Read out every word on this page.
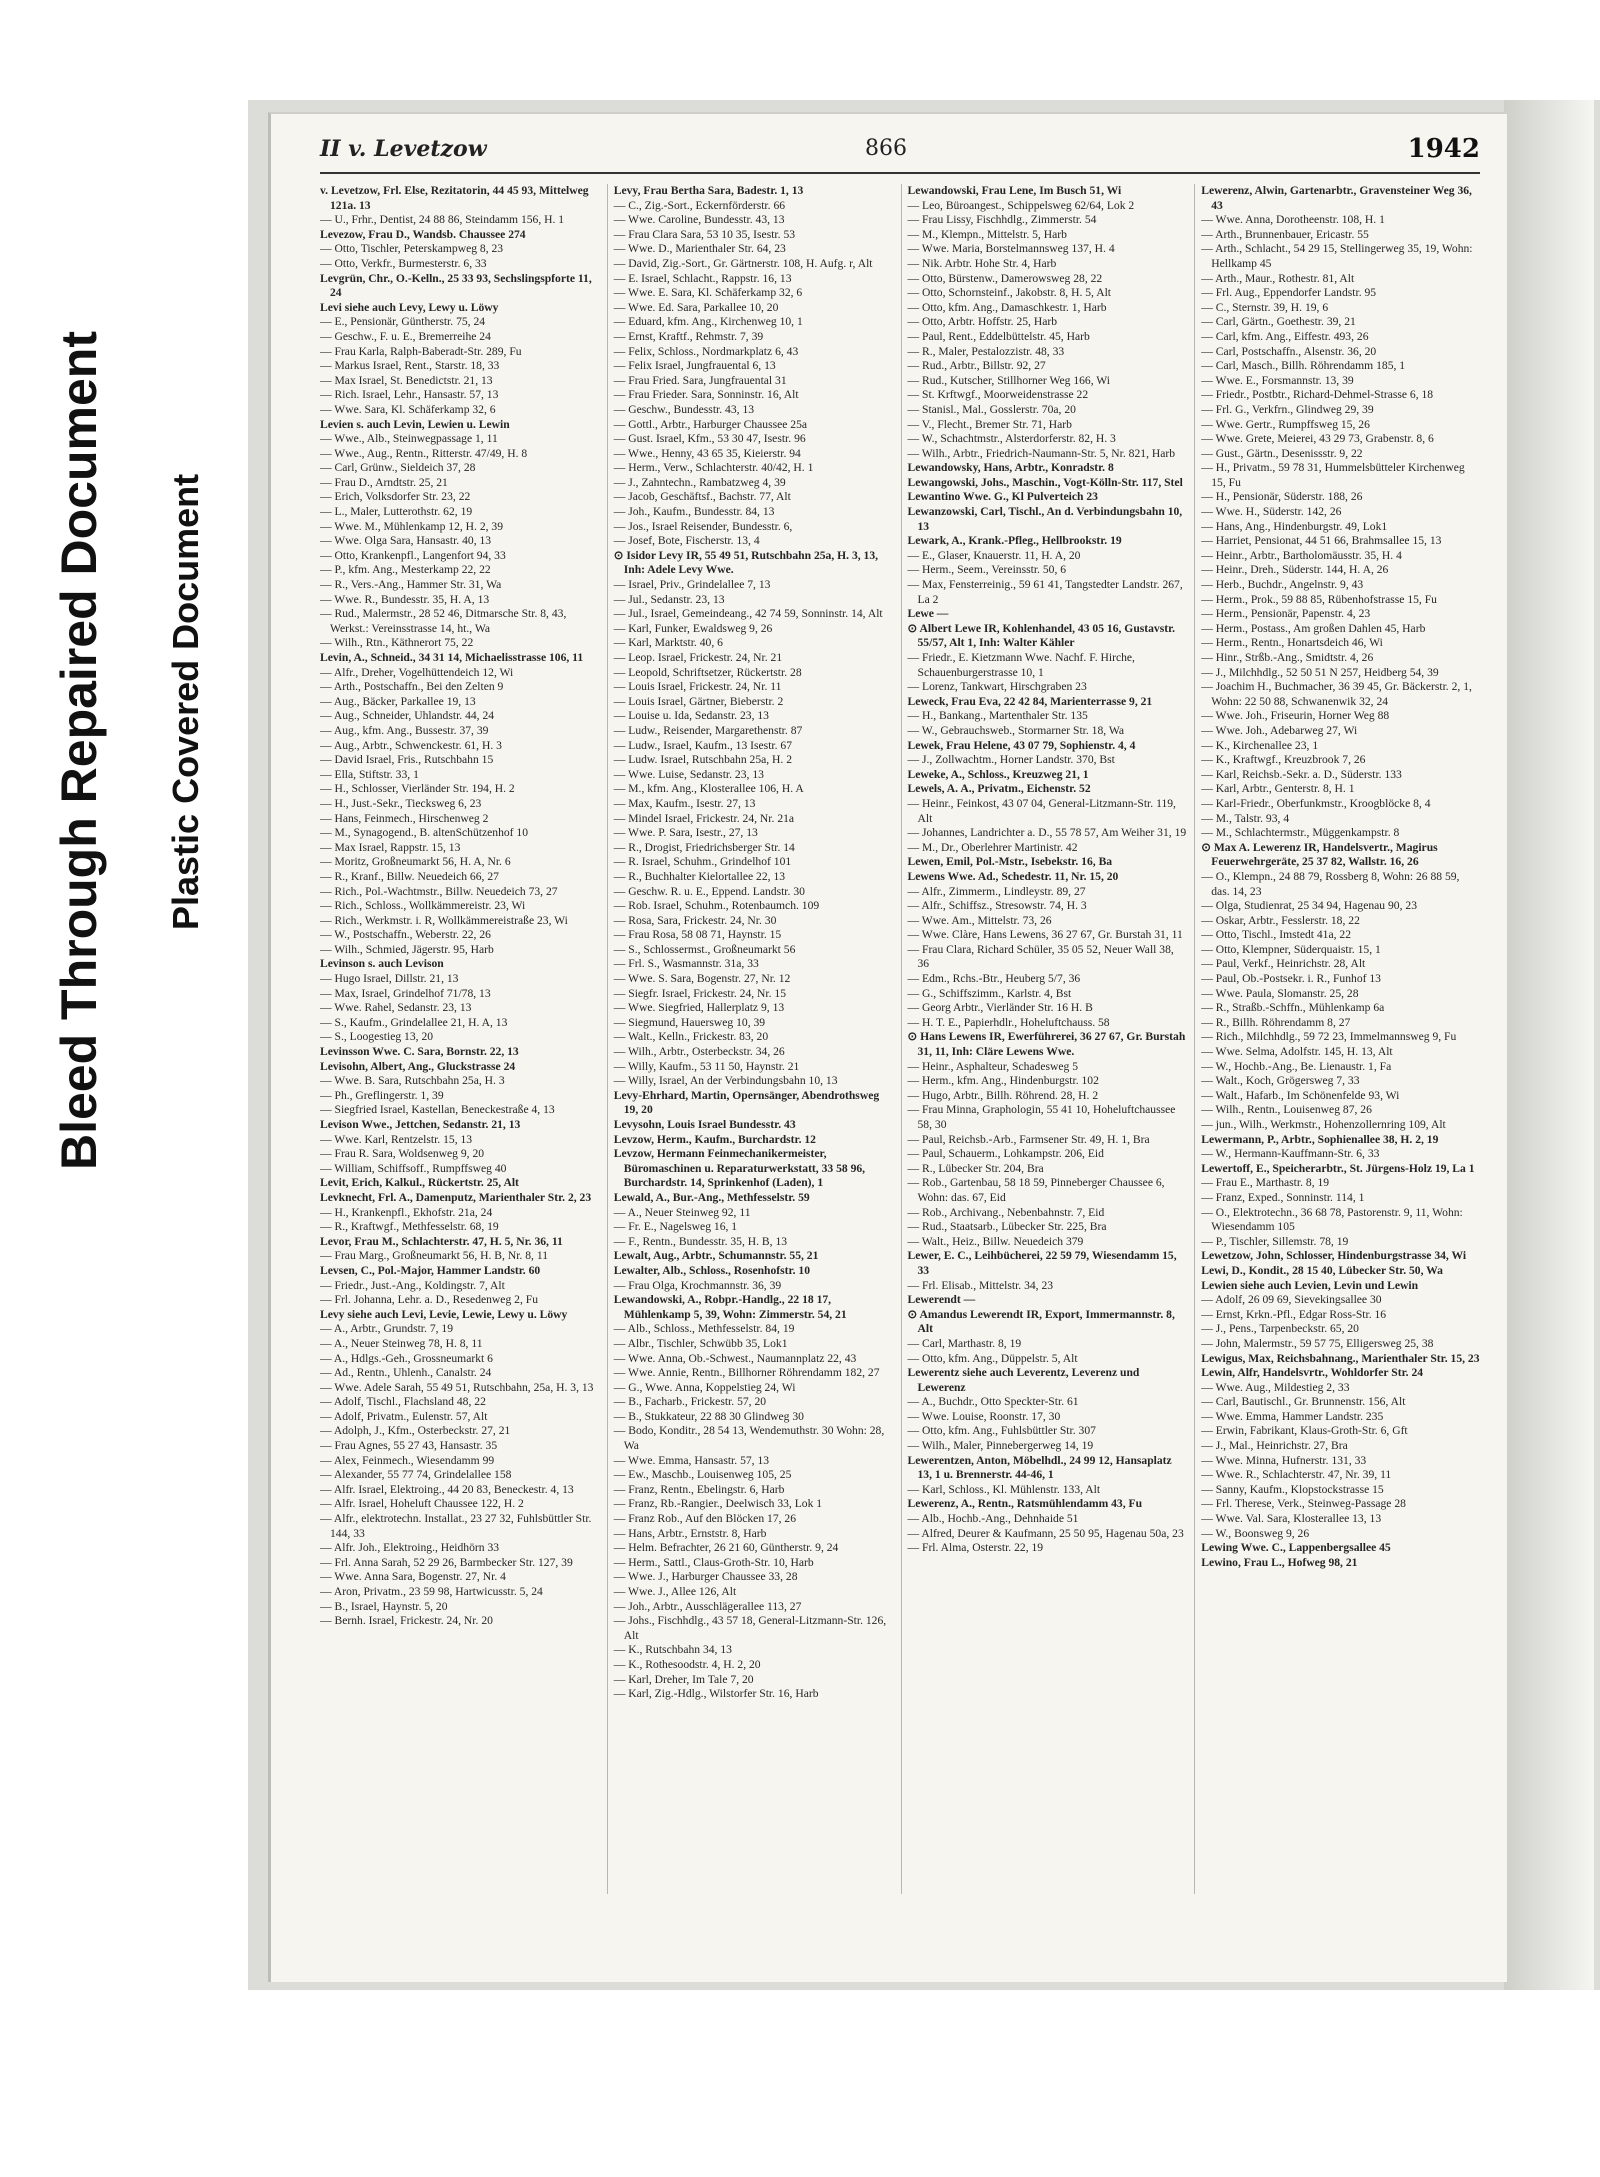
Bleed Through Repaired Document Plastic Covered Document
II v. Levetzow	866	1942

v. Levetzow, Frl. Else, Rezitatorin, 44 45 93, Mittelweg 121a. 13

— U., Frhr., Dentist, 24 88 86, Steindamm 156, H. 1

Levezow, Frau D., Wandsb. Chaussee 274

— Otto, Tischler, Peterskampweg 8, 23

— Otto, Verkfr., Burmesterstr. 6, 33

Levgrün, Chr., O.-Kelln., 25 33 93, Sechslingspforte 11, 24

Levi siehe auch Levy, Lewy u. Löwy

— E., Pensionär, Güntherstr. 75, 24

— Geschw., F. u. E., Bremerreihe 24

— Frau Karla, Ralph-Baberadt-Str. 289, Fu

— Markus Israel, Rent., Starstr. 18, 33

— Max Israel, St. Benedictstr. 21, 13

— Rich. Israel, Lehr., Hansastr. 57, 13

— Wwe. Sara, Kl. Schäferkamp 32, 6

Levien s. auch Levin, Lewien u. Lewin

— Wwe., Alb., Steinwegpassage 1, 11

— Wwe., Aug., Rentn., Ritterstr. 47/49, H. 8

— Carl, Grünw., Sieldeich 37, 28

— Frau D., Arndtstr. 25, 21

— Erich, Volksdorfer Str. 23, 22

— L., Maler, Lutterothstr. 62, 19

— Wwe. M., Mühlenkamp 12, H. 2, 39

— Wwe. Olga Sara, Hansastr. 40, 13

— Otto, Krankenpfl., Langenfort 94, 33

— P., kfm. Ang., Mesterkamp 22, 22

— R., Vers.-Ang., Hammer Str. 31, Wa

— Wwe. R., Bundesstr. 35, H. A, 13

— Rud., Malermstr., 28 52 46, Ditmarsche Str. 8, 43, Werkst.: Vereinsstrasse 14, ht., Wa

— Wilh., Rtn., Käthnerort 75, 22

Levin, A., Schneid., 34 31 14, Michaelisstrasse 106, 11

— Alfr., Dreher, Vogelhüttendeich 12, Wi

— Arth., Postschaffn., Bei den Zelten 9

— Aug., Bäcker, Parkallee 19, 13

— Aug., Schneider, Uhlandstr. 44, 24

— Aug., kfm. Ang., Bussestr. 37, 39

— Aug., Arbtr., Schwenckestr. 61, H. 3

— David Israel, Fris., Rutschbahn 15

— Ella, Stiftstr. 33, 1

— H., Schlosser, Vierländer Str. 194, H. 2

— H., Just.-Sekr., Tiecksweg 6, 23

— Hans, Feinmech., Hirschenweg 2

— M., Synagogend., B. altenSchützenhof 10

— Max Israel, Rappstr. 15, 13

— Moritz, Großneumarkt 56, H. A, Nr. 6

— R., Kranf., Billw. Neuedeich 66, 27

— Rich., Pol.-Wachtmstr., Billw. Neuedeich 73, 27

— Rich., Schloss., Wollkämmereistr. 23, Wi

— Rich., Werkmstr. i. R, Wollkämmereistraße 23, Wi

— W., Postschaffn., Weberstr. 22, 26

— Wilh., Schmied, Jägerstr. 95, Harb

Levinson s. auch Levison

— Hugo Israel, Dillstr. 21, 13

— Max, Israel, Grindelhof 71/78, 13

— Wwe. Rahel, Sedanstr. 23, 13

— S., Kaufm., Grindelallee 21, H. A, 13

— S., Loogestieg 13, 20

Levinsson Wwe. C. Sara, Bornstr. 22, 13

Levisohn, Albert, Ang., Gluckstrasse 24

— Wwe. B. Sara, Rutschbahn 25a, H. 3

— Ph., Greflingerstr. 1, 39

— Siegfried Israel, Kastellan, Beneckestraße 4, 13

Levison Wwe., Jettchen, Sedanstr. 21, 13

— Wwe. Karl, Rentzelstr. 15, 13

— Frau R. Sara, Woldsenweg 9, 20

— William, Schiffsoff., Rumpffsweg 40

Levit, Erich, Kalkul., Rückertstr. 25, Alt

Levknecht, Frl. A., Damenputz, Marienthaler Str. 2, 23

— H., Krankenpfl., Ekhofstr. 21a, 24

— R., Kraftwgf., Methfesselstr. 68, 19

Levor, Frau M., Schlachterstr. 47, H. 5, Nr. 36, 11

— Frau Marg., Großneumarkt 56, H. B, Nr. 8, 11

Levsen, C., Pol.-Major, Hammer Landstr. 60

— Friedr., Just.-Ang., Koldingstr. 7, Alt

— Frl. Johanna, Lehr. a. D., Resedenweg 2, Fu

Levy siehe auch Levi, Levie, Lewie, Lewy u. Löwy

— A., Arbtr., Grundstr. 7, 19

— A., Neuer Steinweg 78, H. 8, 11

— A., Hdlgs.-Geh., Grossneumarkt 6

— Ad., Rentn., Uhlenh., Canalstr. 24

— Wwe. Adele Sarah, 55 49 51, Rutschbahn, 25a, H. 3, 13

— Adolf, Tischl., Flachsland 48, 22

— Adolf, Privatm., Eulenstr. 57, Alt

— Adolph, J., Kfm., Osterbeckstr. 27, 21

— Frau Agnes, 55 27 43, Hansastr. 35

— Alex, Feinmech., Wiesendamm 99

— Alexander, 55 77 74, Grindelallee 158

— Alfr. Israel, Elektroing., 44 20 83, Beneckestr. 4, 13

— Alfr. Israel, Hoheluft Chaussee 122, H. 2

— Alfr., elektrotechn. Installat., 23 27 32, Fuhlsbüttler Str. 144, 33

— Alfr. Joh., Elektroing., Heidhörn 33

— Frl. Anna Sarah, 52 29 26, Barmbecker Str. 127, 39

— Wwe. Anna Sara, Bogenstr. 27, Nr. 4

— Aron, Privatm., 23 59 98, Hartwicusstr. 5, 24

— B., Israel, Haynstr. 5, 20

— Bernh. Israel, Frickestr. 24, Nr. 20

Levy, Frau Bertha Sara, Badestr. 1, 13

— C., Zig.-Sort., Eckernförderstr. 66

— Wwe. Caroline, Bundesstr. 43, 13

— Frau Clara Sara, 53 10 35, Isestr. 53

— Wwe. D., Marienthaler Str. 64, 23

— David, Zig.-Sort., Gr. Gärtnerstr. 108, H. Aufg. r, Alt

— E. Israel, Schlacht., Rappstr. 16, 13

— Wwe. E. Sara, Kl. Schäferkamp 32, 6

— Wwe. Ed. Sara, Parkallee 10, 20

— Eduard, kfm. Ang., Kirchenweg 10, 1

— Ernst, Kraftf., Rehmstr. 7, 39

— Felix, Schloss., Nordmarkplatz 6, 43

— Felix Israel, Jungfrauental 6, 13

— Frau Fried. Sara, Jungfrauental 31

— Frau Frieder. Sara, Sonninstr. 16, Alt

— Geschw., Bundesstr. 43, 13

— Gottl., Arbtr., Harburger Chaussee 25a

— Gust. Israel, Kfm., 53 30 47, Isestr. 96

— Wwe., Henny, 43 65 35, Kieierstr. 94

— Herm., Verw., Schlachterstr. 40/42, H. 1

— J., Zahntechn., Rambatzweg 4, 39

— Jacob, Geschäftsf., Bachstr. 77, Alt

— Joh., Kaufm., Bundesstr. 84, 13

— Jos., Israel Reisender, Bundesstr. 6,

— Josef, Bote, Fischerstr. 13, 4

⊙ Isidor Levy IR, 55 49 51, Rutschbahn 25a, H. 3, 13, Inh: Adele Levy Wwe.

— Israel, Priv., Grindelallee 7, 13

— Jul., Sedanstr. 23, 13

— Jul., Israel, Gemeindeang., 42 74 59, Sonninstr. 14, Alt

— Karl, Funker, Ewaldsweg 9, 26

— Karl, Marktstr. 40, 6

— Leop. Israel, Frickestr. 24, Nr. 21

— Leopold, Schriftsetzer, Rückertstr. 28

— Louis Israel, Frickestr. 24, Nr. 11

— Louis Israel, Gärtner, Bieberstr. 2

— Louise u. Ida, Sedanstr. 23, 13

— Ludw., Reisender, Margarethenstr. 87

— Ludw., Israel, Kaufm., 13 Isestr. 67

— Ludw. Israel, Rutschbahn 25a, H. 2

— Wwe. Luise, Sedanstr. 23, 13

— M., kfm. Ang., Klosterallee 106, H. A

— Max, Kaufm., Isestr. 27, 13

— Mindel Israel, Frickestr. 24, Nr. 21a

— Wwe. P. Sara, Isestr., 27, 13

— R., Drogist, Friedrichsberger Str. 14

— R. Israel, Schuhm., Grindelhof 101

— R., Buchhalter Kielortallee 22, 13

— Geschw. R. u. E., Eppend. Landstr. 30

— Rob. Israel, Schuhm., Rotenbaumch. 109

— Rosa, Sara, Frickestr. 24, Nr. 30

— Frau Rosa, 58 08 71, Haynstr. 15

— S., Schlossermst., Großneumarkt 56

— Frl. S., Wasmannstr. 31a, 33

— Wwe. S. Sara, Bogenstr. 27, Nr. 12

— Siegfr. Israel, Frickestr. 24, Nr. 15

— Wwe. Siegfried, Hallerplatz 9, 13

— Siegmund, Hauersweg 10, 39

— Walt., Kelln., Frickestr. 83, 20

— Wilh., Arbtr., Osterbeckstr. 34, 26

— Willy, Kaufm., 53 11 50, Haynstr. 21

— Willy, Israel, An der Verbindungsbahn 10, 13

Levy-Ehrhard, Martin, Opernsänger, Abendrothsweg 19, 20

Levysohn, Louis Israel Bundesstr. 43

Levzow, Herm., Kaufm., Burchardstr. 12

Levzow, Hermann Feinmechanikermeister, Büromaschinen u. Reparaturwerkstatt, 33 58 96, Burchardstr. 14, Sprinkenhof (Laden), 1

Lewald, A., Bur.-Ang., Methfesselstr. 59

— A., Neuer Steinweg 92, 11

— Fr. E., Nagelsweg 16, 1

— F., Rentn., Bundesstr. 35, H. B, 13

Lewalt, Aug., Arbtr., Schumannstr. 55, 21

Lewalter, Alb., Schloss., Rosenhofstr. 10

— Frau Olga, Krochmannstr. 36, 39

Lewandowski, A., Robpr.-Handlg., 22 18 17, Mühlenkamp 5, 39, Wohn: Zimmerstr. 54, 21

— Alb., Schloss., Methfesselstr. 84, 19

— Albr., Tischler, Schwübb 35, Lok1

— Wwe. Anna, Ob.-Schwest., Naumannplatz 22, 43

— Wwe. Annie, Rentn., Billhorner Röhrendamm 182, 27

— G., Wwe. Anna, Koppelstieg 24, Wi

— B., Facharb., Frickestr. 57, 20

— B., Stukkateur, 22 88 30 Glindweg 30

— Bodo, Konditr., 28 54 13, Wendemuthstr. 30 Wohn: 28, Wa

— Wwe. Emma, Hansastr. 57, 13

— Ew., Maschb., Louisenweg 105, 25

— Franz, Rentn., Ebelingstr. 6, Harb

— Franz, Rb.-Rangier., Deelwisch 33, Lok 1

— Franz Rob., Auf den Blöcken 17, 26

— Hans, Arbtr., Ernststr. 8, Harb

— Helm. Befrachter, 26 21 60, Güntherstr. 9, 24

— Herm., Sattl., Claus-Groth-Str. 10, Harb

— Wwe. J., Harburger Chaussee 33, 28

— Wwe. J., Allee 126, Alt

— Joh., Arbtr., Ausschlägerallee 113, 27

— Johs., Fischhdlg., 43 57 18, General-Litzmann-Str. 126, Alt

— K., Rutschbahn 34, 13

— K., Rothesoodstr. 4, H. 2, 20

— Karl, Dreher, Im Tale 7, 20

— Karl, Zig.-Hdlg., Wilstorfer Str. 16, Harb

Lewandowski, Frau Lene, Im Busch 51, Wi

— Leo, Büroangest., Schippelsweg 62/64, Lok 2

— Frau Lissy, Fischhdlg., Zimmerstr. 54

— M., Klempn., Mittelstr. 5, Harb

— Wwe. Maria, Borstelmannsweg 137, H. 4

— Nik. Arbtr. Hohe Str. 4, Harb

— Otto, Bürstenw., Damerowsweg 28, 22

— Otto, Schornsteinf., Jakobstr. 8, H. 5, Alt

— Otto, kfm. Ang., Damaschkestr. 1, Harb

— Otto, Arbtr. Hoffstr. 25, Harb

— Paul, Rent., Eddelbüttelstr. 45, Harb

— R., Maler, Pestalozzistr. 48, 33

— Rud., Arbtr., Billstr. 92, 27

— Rud., Kutscher, Stillhorner Weg 166, Wi

— St. Krftwgf., Moorweidenstrasse 22

— Stanisl., Mal., Gosslerstr. 70a, 20

— V., Flecht., Bremer Str. 71, Harb

— W., Schachtmstr., Alsterdorferstr. 82, H. 3

— Wilh., Arbtr., Friedrich-Naumann-Str. 5, Nr. 821, Harb

Lewandowsky, Hans, Arbtr., Konradstr. 8

Lewangowski, Johs., Maschin., Vogt-Kölln-Str. 117, Stel

Lewantino Wwe. G., Kl Pulverteich 23

Lewanzowski, Carl, Tischl., An d. Verbindungsbahn 10, 13

Lewark, A., Krank.-Pfleg., Hellbrookstr. 19

— E., Glaser, Knauerstr. 11, H. A, 20

— Herm., Seem., Vereinsstr. 50, 6

— Max, Fensterreinig., 59 61 41, Tangstedter Landstr. 267, La 2

Lewe —

⊙ Albert Lewe IR, Kohlenhandel, 43 05 16, Gustavstr. 55/57, Alt 1, Inh: Walter Kähler

— Friedr., E. Kietzmann Wwe. Nachf. F. Hirche, Schauenburgerstrasse 10, 1

— Lorenz, Tankwart, Hirschgraben 23

Leweck, Frau Eva, 22 42 84, Marienterrasse 9, 21

— H., Bankang., Martenthaler Str. 135

— W., Gebrauchsweb., Stormarner Str. 18, Wa

Lewek, Frau Helene, 43 07 79, Sophienstr. 4, 4

— J., Zollwachtm., Horner Landstr. 370, Bst

Leweke, A., Schloss., Kreuzweg 21, 1

Lewels, A. A., Privatm., Eichenstr. 52

— Heinr., Feinkost, 43 07 04, General-Litzmann-Str. 119, Alt

— Johannes, Landrichter a. D., 55 78 57, Am Weiher 31, 19

— M., Dr., Oberlehrer Martinistr. 42

Lewen, Emil, Pol.-Mstr., Isebekstr. 16, Ba

Lewens Wwe. Ad., Schedestr. 11, Nr. 15, 20

— Alfr., Zimmerm., Lindleystr. 89, 27

— Alfr., Schiffsz., Stresowstr. 74, H. 3

— Wwe. Am., Mittelstr. 73, 26

— Wwe. Clàre, Hans Lewens, 36 27 67, Gr. Burstah 31, 11

— Frau Clara, Richard Schüler, 35 05 52, Neuer Wall 38, 36

— Edm., Rchs.-Btr., Heuberg 5/7, 36

— G., Schiffszimm., Karlstr. 4, Bst

— Georg Arbtr., Vierländer Str. 16 H. B

— H. T. E., Papierhdlr., Hoheluftchauss. 58

⊙ Hans Lewens IR, Ewerführerei, 36 27 67, Gr. Burstah 31, 11, Inh: Cläre Lewens Wwe.

— Heinr., Asphalteur, Schadesweg 5

— Herm., kfm. Ang., Hindenburgstr. 102

— Hugo, Arbtr., Billh. Röhrend. 28, H. 2

— Frau Minna, Graphologin, 55 41 10, Hoheluftchaussee 58, 30

— Paul, Reichsb.-Arb., Farmsener Str. 49, H. 1, Bra

— Paul, Schauerm., Lohkampstr. 206, Eid

— R., Lübecker Str. 204, Bra

— Rob., Gartenbau, 58 18 59, Pinneberger Chaussee 6, Wohn: das. 67, Eid

— Rob., Archivang., Nebenbahnstr. 7, Eid

— Rud., Staatsarb., Lübecker Str. 225, Bra

— Walt., Heiz., Billw. Neuedeich 379

Lewer, E. C., Leihbücherei, 22 59 79, Wiesendamm 15, 33

— Frl. Elisab., Mittelstr. 34, 23

Lewerendt —

⊙ Amandus Lewerendt IR, Export, Immermannstr. 8, Alt

— Carl, Marthastr. 8, 19

— Otto, kfm. Ang., Düppelstr. 5, Alt

Lewerentz siehe auch Leverentz, Leverenz und Lewerenz

— A., Buchdr., Otto Speckter-Str. 61

— Wwe. Louise, Roonstr. 17, 30

— Otto, kfm. Ang., Fuhlsbüttler Str. 307

— Wilh., Maler, Pinnebergerweg 14, 19

Lewerentzen, Anton, Möbelhdl., 24 99 12, Hansaplatz 13, 1 u. Brennerstr. 44-46, 1

— Karl, Schloss., Kl. Mühlenstr. 133, Alt

Lewerenz, A., Rentn., Ratsmühlendamm 43, Fu

— Alb., Hochb.-Ang., Dehnhaide 51

— Alfred, Deurer & Kaufmann, 25 50 95, Hagenau 50a, 23

— Frl. Alma, Osterstr. 22, 19

Lewerenz, Alwin, Gartenarbtr., Gravensteiner Weg 36, 43

— Wwe. Anna, Dorotheenstr. 108, H. 1

— Arth., Brunnenbauer, Ericastr. 55

— Arth., Schlacht., 54 29 15, Stellingerweg 35, 19, Wohn: Hellkamp 45

— Arth., Maur., Rothestr. 81, Alt

— Frl. Aug., Eppendorfer Landstr. 95

— C., Sternstr. 39, H. 19, 6

— Carl, Gärtn., Goethestr. 39, 21

— Carl, kfm. Ang., Eiffestr. 493, 26

— Carl, Postschaffn., Alsenstr. 36, 20

— Carl, Masch., Billh. Röhrendamm 185, 1

— Wwe. E., Forsmannstr. 13, 39

— Friedr., Postbtr., Richard-Dehmel-Strasse 6, 18

— Frl. G., Verkfrn., Glindweg 29, 39

— Wwe. Gertr., Rumpffsweg 15, 26

— Wwe. Grete, Meierei, 43 29 73, Grabenstr. 8, 6

— Gust., Gärtn., Desenissstr. 9, 22

— H., Privatm., 59 78 31, Hummelsbütteler Kirchenweg 15, Fu

— H., Pensionär, Süderstr. 188, 26

— Wwe. H., Süderstr. 142, 26

— Hans, Ang., Hindenburgstr. 49, Lok1

— Harriet, Pensionat, 44 51 66, Brahmsallee 15, 13

— Heinr., Arbtr., Bartholomäusstr. 35, H. 4

— Heinr., Dreh., Süderstr. 144, H. A, 26

— Herb., Buchdr., Angelnstr. 9, 43

— Herm., Prok., 59 88 85, Rübenhofstrasse 15, Fu

— Herm., Pensionär, Papenstr. 4, 23

— Herm., Postass., Am großen Dahlen 45, Harb

— Herm., Rentn., Honartsdeich 46, Wi

— Hinr., Strßb.-Ang., Smidtstr. 4, 26

— J., Milchhdlg., 52 50 51 N 257, Heidberg 54, 39

— Joachim H., Buchmacher, 36 39 45, Gr. Bäckerstr. 2, 1, Wohn: 22 50 88, Schwanenwik 32, 24

— Wwe. Joh., Friseurin, Horner Weg 88

— Wwe. Joh., Adebarweg 27, Wi

— K., Kirchenallee 23, 1

— K., Kraftwgf., Kreuzbrook 7, 26

— Karl, Reichsb.-Sekr. a. D., Süderstr. 133

— Karl, Arbtr., Genterstr. 8, H. 1

— Karl-Friedr., Oberfunkmstr., Kroogblöcke 8, 4

— M., Talstr. 93, 4

— M., Schlachtermstr., Müggenkampstr. 8

⊙ Max A. Lewerenz IR, Handelsvertr., Magirus Feuerwehrgeräte, 25 37 82, Wallstr. 16, 26

— O., Klempn., 24 88 79, Rossberg 8, Wohn: 26 88 59, das. 14, 23

— Olga, Studienrat, 25 34 94, Hagenau 90, 23

— Oskar, Arbtr., Fesslerstr. 18, 22

— Otto, Tischl., Imstedt 41a, 22

— Otto, Klempner, Süderquaistr. 15, 1

— Paul, Verkf., Heinrichstr. 28, Alt

— Paul, Ob.-Postsekr. i. R., Funhof 13

— Wwe. Paula, Slomanstr. 25, 28

— R., Straßb.-Schffn., Mühlenkamp 6a

— R., Billh. Röhrendamm 8, 27

— Rich., Milchhdlg., 59 72 23, Immelmannsweg 9, Fu

— Wwe. Selma, Adolfstr. 145, H. 13, Alt

— W., Hochb.-Ang., Be. Lienaustr. 1, Fa

— Walt., Koch, Grögersweg 7, 33

— Walt., Hafarb., Im Schönenfelde 93, Wi

— Wilh., Rentn., Louisenweg 87, 26

— jun., Wilh., Werkmstr., Hohenzollernring 109, Alt

Lewermann, P., Arbtr., Sophienallee 38, H. 2, 19

— W., Hermann-Kauffmann-Str. 6, 33

Lewertoff, E., Speicherarbtr., St. Jürgens-Holz 19, La 1

— Frau E., Marthastr. 8, 19

— Franz, Exped., Sonninstr. 114, 1

— O., Elektrotechn., 36 68 78, Pastorenstr. 9, 11, Wohn: Wiesendamm 105

— P., Tischler, Sillemstr. 78, 19

Lewetzow, John, Schlosser, Hindenburgstrasse 34, Wi

Lewi, D., Kondit., 28 15 40, Lübecker Str. 50, Wa

Lewien siehe auch Levien, Levin und Lewin

— Adolf, 26 09 69, Sievekingsallee 30

— Ernst, Krkn.-Pfl., Edgar Ross-Str. 16

— J., Pens., Tarpenbeckstr. 65, 20

— John, Malermstr., 59 57 75, Elligersweg 25, 38

Lewigus, Max, Reichsbahnang., Marienthaler Str. 15, 23

Lewin, Alfr, Handelsvrtr., Wohldorfer Str. 24

— Wwe. Aug., Mildestieg 2, 33

— Carl, Bautischl., Gr. Brunnenstr. 156, Alt

— Wwe. Emma, Hammer Landstr. 235

— Erwin, Fabrikant, Klaus-Groth-Str. 6, Gft

— J., Mal., Heinrichstr. 27, Bra

— Wwe. Minna, Hufnerstr. 131, 33

— Wwe. R., Schlachterstr. 47, Nr. 39, 11

— Sanny, Kaufm., Klopstockstrasse 15

— Frl. Therese, Verk., Steinweg-Passage 28

— Wwe. Val. Sara, Klosterallee 13, 13

— W., Boonsweg 9, 26

Lewing Wwe. C., Lappenbergsallee 45

Lewino, Frau L., Hofweg 98, 21
